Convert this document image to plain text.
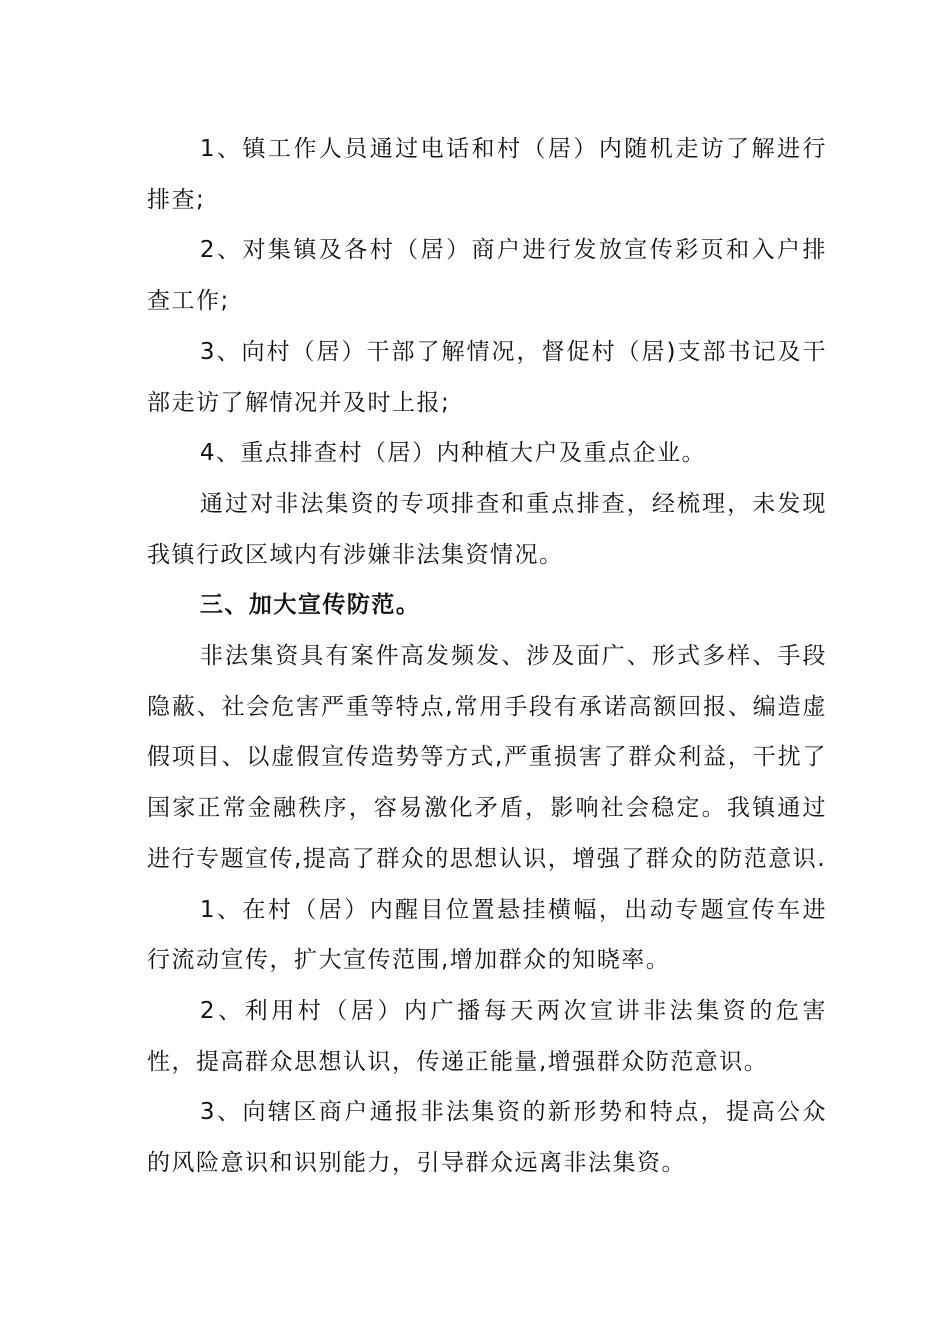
1、镇工作人员通过电话和村（居）内随机走访了解进行排查;

2、对集镇及各村（居）商户进行发放宣传彩页和入户排查工作;

3、向村（居）干部了解情况，督促村（居)支部书记及干部走访了解情况并及时上报;

4、重点排查村（居）内种植大户及重点企业。

通过对非法集资的专项排查和重点排查，经梳理，未发现我镇行政区域内有涉嫌非法集资情况。

三、加大宣传防范。

非法集资具有案件高发频发、涉及面广、形式多样、手段隐蔽、社会危害严重等特点,常用手段有承诺高额回报、编造虚假项目、以虚假宣传造势等方式,严重损害了群众利益，干扰了国家正常金融秩序，容易激化矛盾，影响社会稳定。我镇通过进行专题宣传,提高了群众的思想认识，增强了群众的防范意识.

1、在村（居）内醒目位置悬挂横幅，出动专题宣传车进行流动宣传，扩大宣传范围,增加群众的知晓率。

2、利用村（居）内广播每天两次宣讲非法集资的危害性，提高群众思想认识，传递正能量,增强群众防范意识。

3、向辖区商户通报非法集资的新形势和特点，提高公众的风险意识和识别能力，引导群众远离非法集资。
